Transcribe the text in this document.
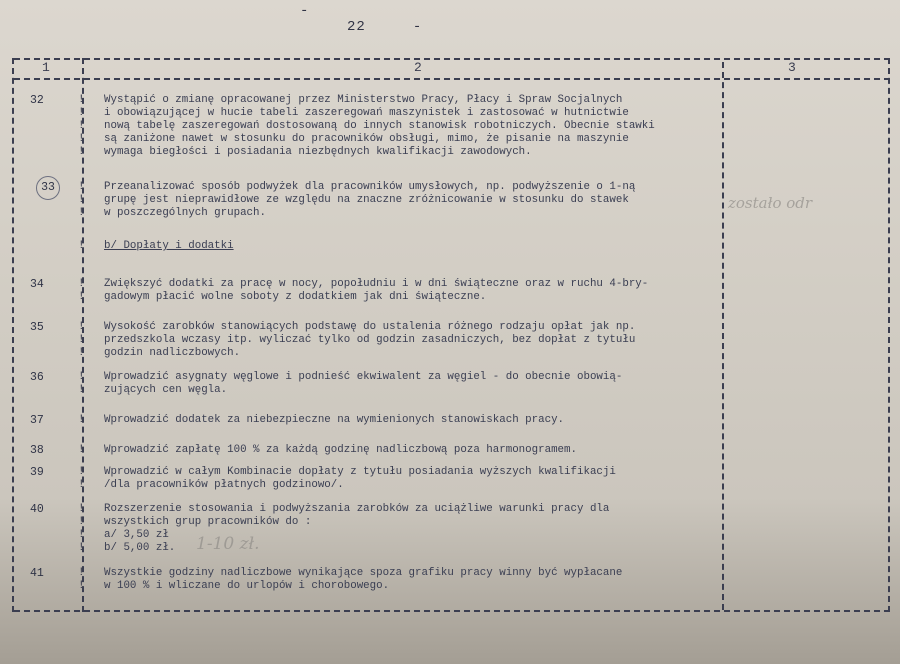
-     22     -
1	2	3
32	!
!
!
!
!
Wystąpić o zmianę opracowanej przez Ministerstwo Pracy, Płacy i Spraw Socjalnych
i obowiązującej w hucie tabeli zaszeregowań maszynistek i zastosować w hutnictwie
nową tabelę zaszeregowań dostosowaną do innych stanowisk robotniczych. Obecnie stawki
są zaniżone nawet w stosunku do pracowników obsługi, mimo, że pisanie na maszynie
wymaga biegłości i posiadania niezbędnych kwalifikacji zawodowych.
33	!
!
!
Przeanalizować sposób podwyżek dla pracowników umysłowych, np. podwyższenie o 1-ną
grupę jest nieprawidłowe ze względu na znaczne zróżnicowanie w stosunku do stawek
w poszczególnych grupach.
zostało odr
! b/ Dopłaty i dodatki
34	!
!
Zwiększyć dodatki za pracę w nocy, popołudniu i w dni świąteczne oraz w ruchu 4-bry-
gadowym płacić wolne soboty z dodatkiem jak dni świąteczne.
35	!
!
!
Wysokość zarobków stanowiących podstawę do ustalenia różnego rodzaju opłat jak np.
przedszkola wczasy itp. wyliczać tylko od godzin zasadniczych, bez dopłat z tytułu
godzin nadliczbowych.
36	!
!
Wprowadzić asygnaty węglowe i podnieść ekwiwalent za węgiel - do obecnie obowią-
zujących cen węgla.
37	! Wprowadzić dodatek za niebezpieczne na wymienionych stanowiskach pracy.
38	! Wprowadzić zapłatę 100 % za każdą godzinę nadliczbową poza harmonogramem.
39	!
!
Wprowadzić w całym Kombinacie dopłaty z tytułu posiadania wyższych kwalifikacji
/dla pracowników płatnych godzinowo/.
40	!
!
!
!
Rozszerzenie stosowania i podwyższania zarobków za uciążliwe warunki pracy dla
wszystkich grup pracowników do :
a/ 3,50 zł
b/ 5,00 zł.	1-10 zł.
41	!
!
Wszystkie godziny nadliczbowe wynikające spoza grafiku pracy winny być wypłacane
w 100 % i wliczane do urlopów i chorobowego.
